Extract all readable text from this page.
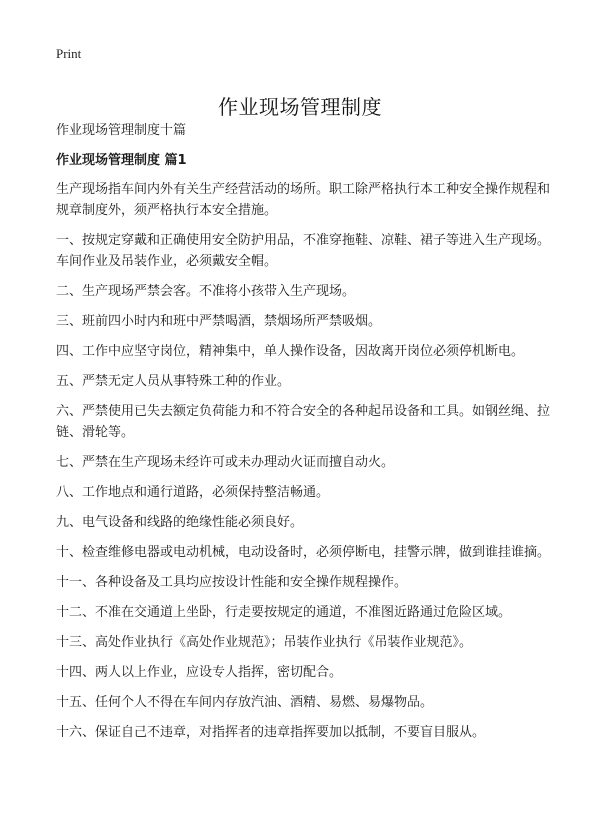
Print
作业现场管理制度

作业现场管理制度十篇

作业现场管理制度 篇1

生产现场指车间内外有关生产经营活动的场所。职工除严格执行本工种安全操作规程和规章制度外，须严格执行本安全措施。

一、按规定穿戴和正确使用安全防护用品，不准穿拖鞋、凉鞋、裙子等进入生产现场。车间作业及吊装作业，必须戴安全帽。

二、生产现场严禁会客。不准将小孩带入生产现场。

三、班前四小时内和班中严禁喝酒，禁烟场所严禁吸烟。

四、工作中应坚守岗位，精神集中，单人操作设备，因故离开岗位必须停机断电。

五、严禁无定人员从事特殊工种的作业。

六、严禁使用已失去额定负荷能力和不符合安全的各种起吊设备和工具。如钢丝绳、拉链、滑轮等。

七、严禁在生产现场未经许可或未办理动火证而擅自动火。

八、工作地点和通行道路，必须保持整洁畅通。

九、电气设备和线路的绝缘性能必须良好。

十、检查维修电器或电动机械，电动设备时，必须停断电，挂警示牌，做到谁挂谁摘。

十一、各种设备及工具均应按设计性能和安全操作规程操作。

十二、不准在交通道上坐卧，行走要按规定的通道，不准图近路通过危险区域。

十三、高处作业执行《高处作业规范》；吊装作业执行《吊装作业规范》。

十四、两人以上作业，应设专人指挥，密切配合。

十五、任何个人不得在车间内存放汽油、酒精、易燃、易爆物品。

十六、保证自己不违章，对指挥者的违章指挥要加以抵制，不要盲目服从。
